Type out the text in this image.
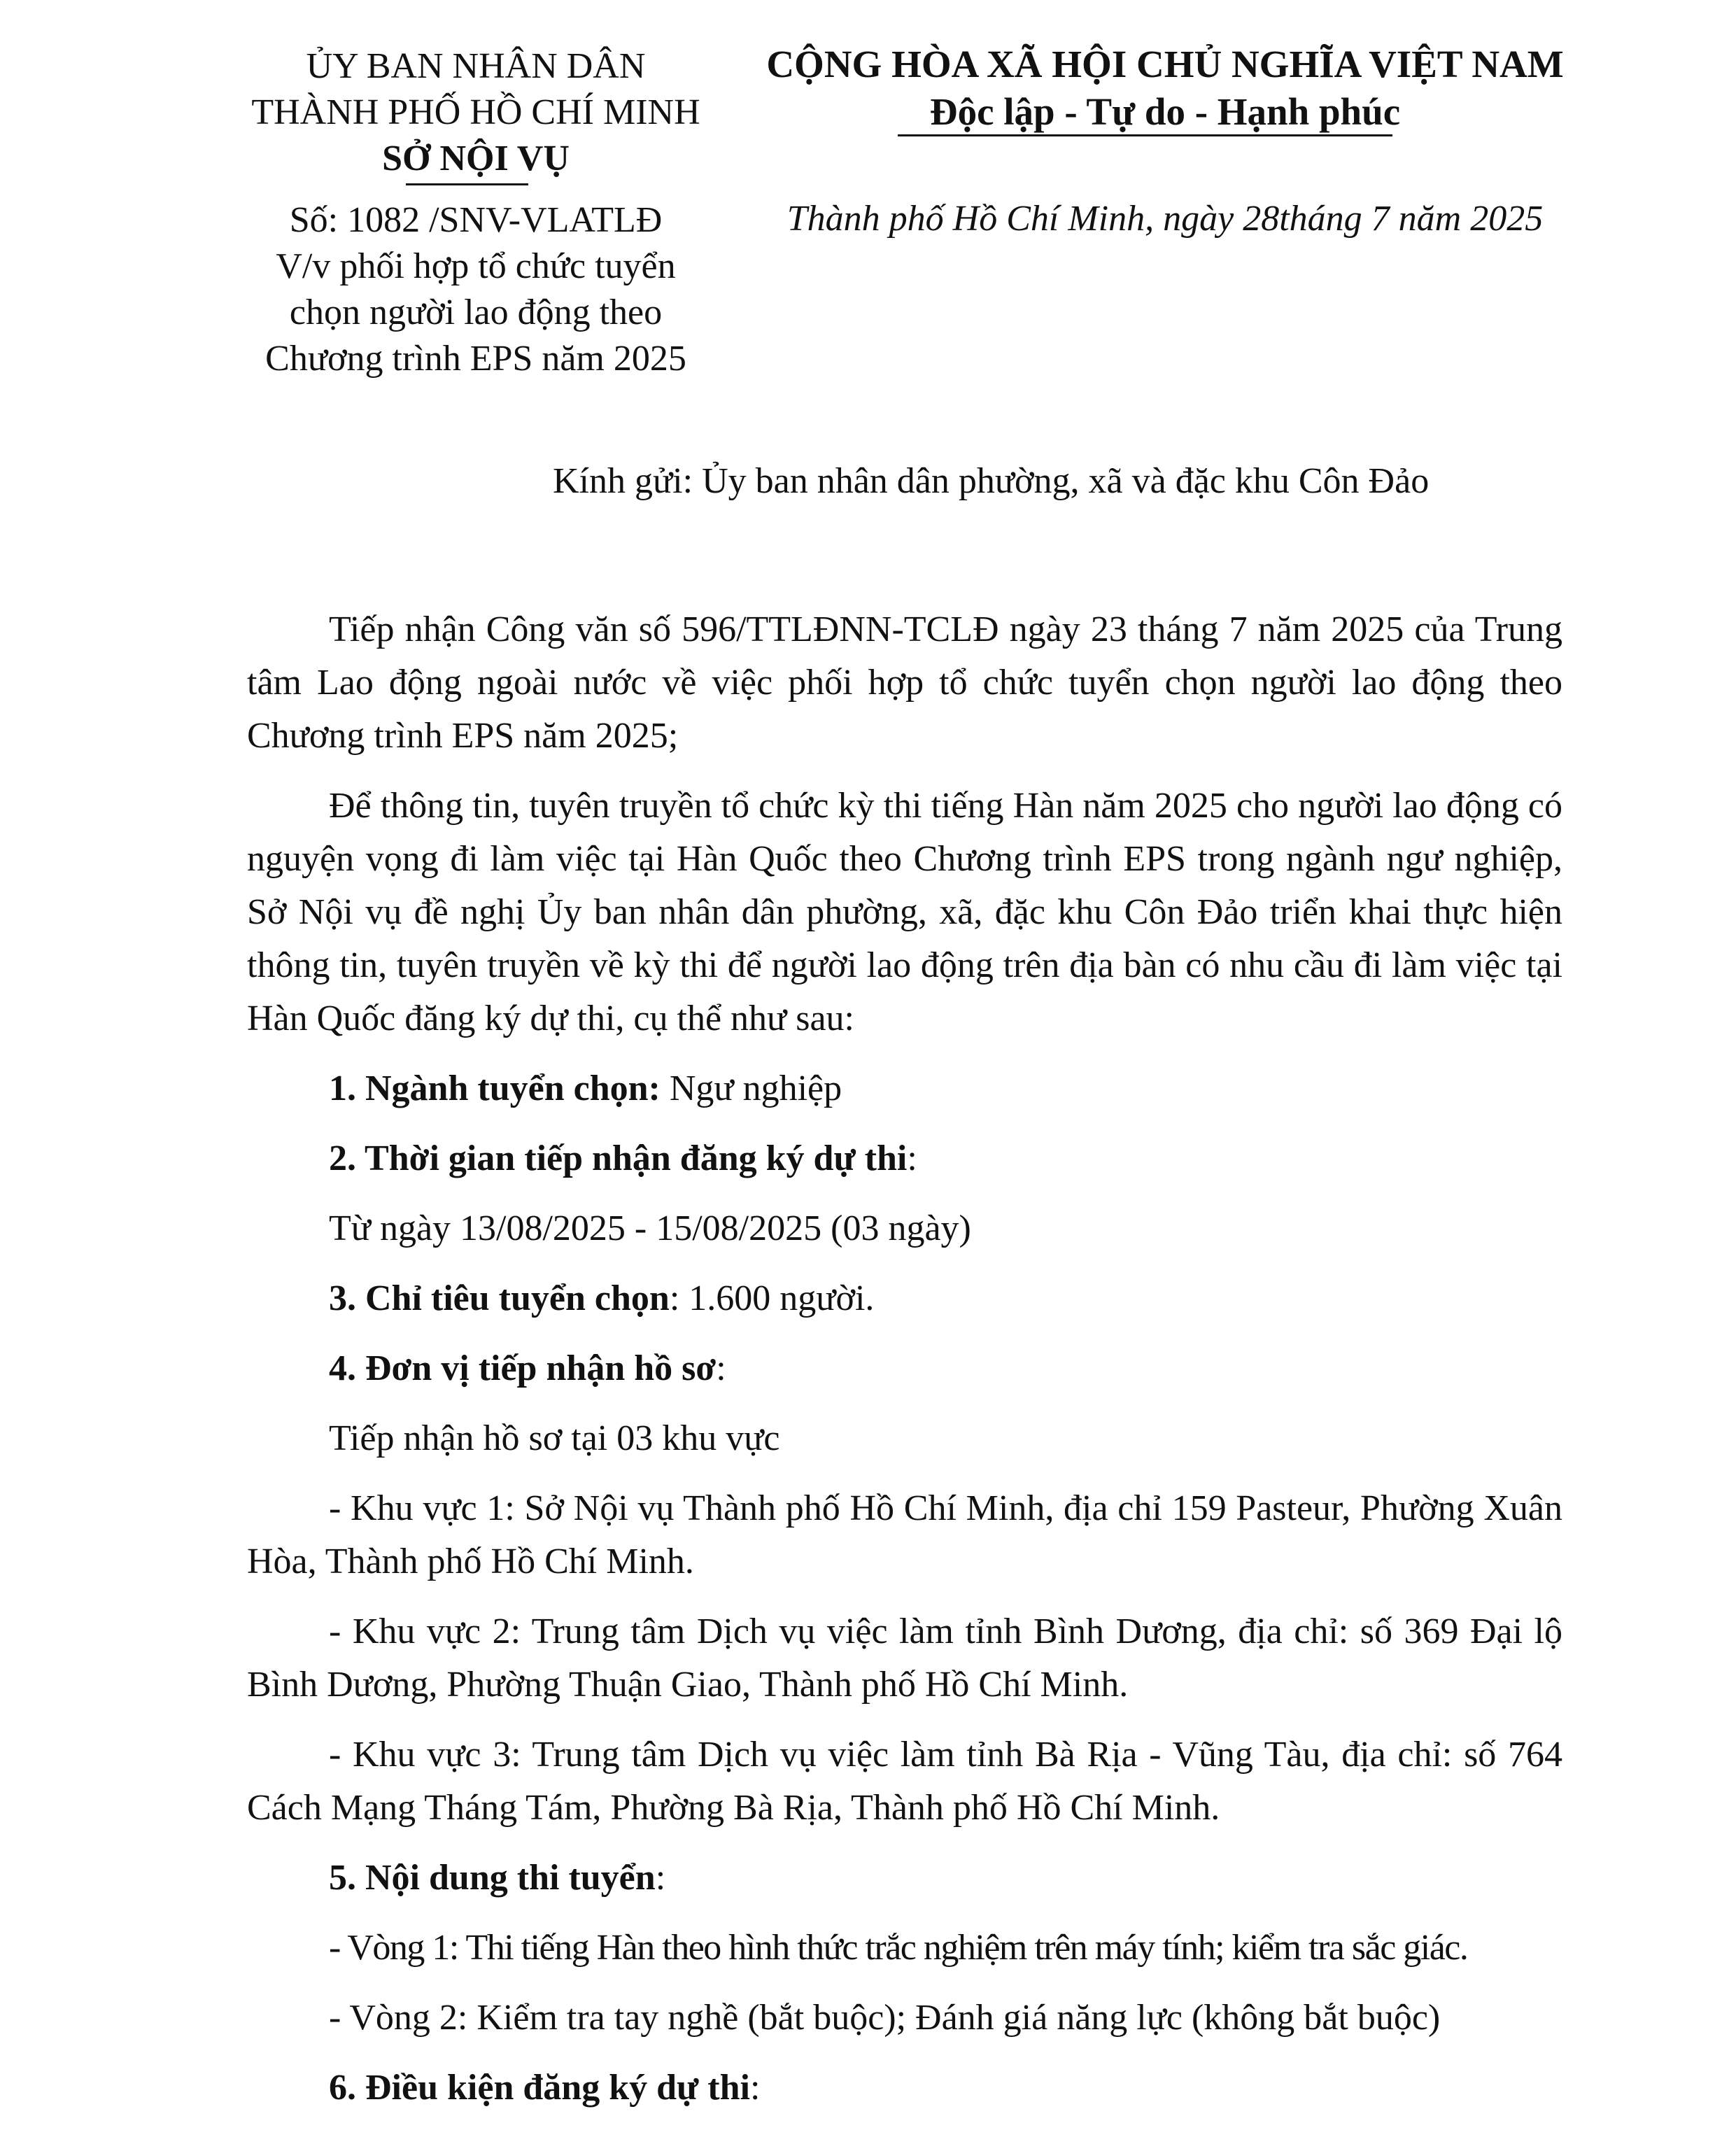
ỦY BAN NHÂN DÂN
THÀNH PHỐ HỒ CHÍ MINH
SỞ NỘI VỤ
Số: 1082 /SNV-VLATLĐ
V/v phối hợp tổ chức tuyển
chọn người lao động theo
Chương trình EPS năm 2025
CỘNG HÒA XÃ HỘI CHỦ NGHĨA VIỆT NAM
Độc lập - Tự do - Hạnh phúc
Thành phố Hồ Chí Minh, ngày 28tháng 7 năm 2025
Kính gửi: Ủy ban nhân dân phường, xã và đặc khu Côn Đảo

Tiếp nhận Công văn số 596/TTLĐNN-TCLĐ ngày 23 tháng 7 năm 2025 của Trung tâm Lao động ngoài nước về việc phối hợp tổ chức tuyển chọn người lao động theo Chương trình EPS năm 2025;

Để thông tin, tuyên truyền tổ chức kỳ thi tiếng Hàn năm 2025 cho người lao động có nguyện vọng đi làm việc tại Hàn Quốc theo Chương trình EPS trong ngành ngư nghiệp, Sở Nội vụ đề nghị Ủy ban nhân dân phường, xã, đặc khu Côn Đảo triển khai thực hiện thông tin, tuyên truyền về kỳ thi để người lao động trên địa bàn có nhu cầu đi làm việc tại Hàn Quốc đăng ký dự thi, cụ thể như sau:

1. Ngành tuyển chọn: Ngư nghiệp

2. Thời gian tiếp nhận đăng ký dự thi:

Từ ngày 13/08/2025 - 15/08/2025 (03 ngày)

3. Chỉ tiêu tuyển chọn: 1.600 người.

4. Đơn vị tiếp nhận hồ sơ:

Tiếp nhận hồ sơ tại 03 khu vực

- Khu vực 1: Sở Nội vụ Thành phố Hồ Chí Minh, địa chỉ 159 Pasteur, Phường Xuân Hòa, Thành phố Hồ Chí Minh.

- Khu vực 2: Trung tâm Dịch vụ việc làm tỉnh Bình Dương, địa chỉ: số 369 Đại lộ Bình Dương, Phường Thuận Giao, Thành phố Hồ Chí Minh.

- Khu vực 3: Trung tâm Dịch vụ việc làm tỉnh Bà Rịa - Vũng Tàu, địa chỉ: số 764 Cách Mạng Tháng Tám, Phường Bà Rịa, Thành phố Hồ Chí Minh.

5. Nội dung thi tuyển:

- Vòng 1: Thi tiếng Hàn theo hình thức trắc nghiệm trên máy tính; kiểm tra sắc giác.

- Vòng 2: Kiểm tra tay nghề (bắt buộc); Đánh giá năng lực (không bắt buộc)

6. Điều kiện đăng ký dự thi:
